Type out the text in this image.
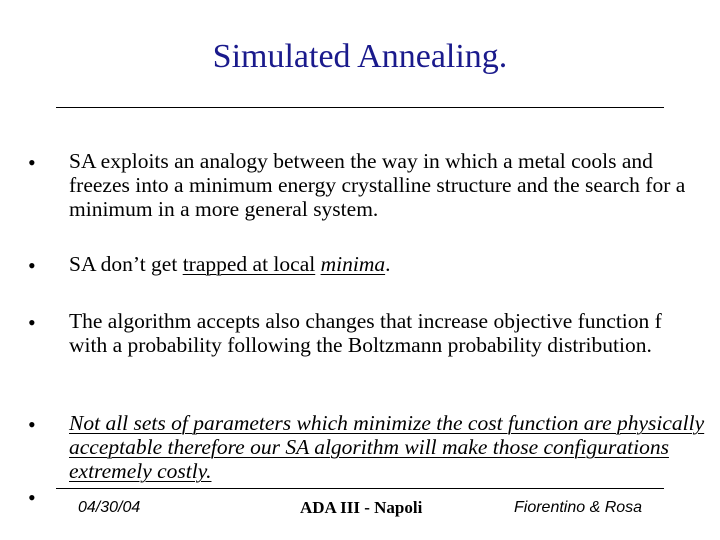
Simulated Annealing.
• SA exploits an analogy between the way in which a metal cools and freezes into a minimum energy crystalline structure and the search for a minimum in a more general system.
• SA don’t get trapped at local minima.
• The algorithm accepts also changes that increase objective function f with a probability following the Boltzmann probability distribution.
• Not all sets of parameters which minimize the cost function are physically acceptable therefore our SA algorithm will make those configurations extremely costly.
•	04/30/04	ADA III - Napoli	Fiorentino & Rosa
